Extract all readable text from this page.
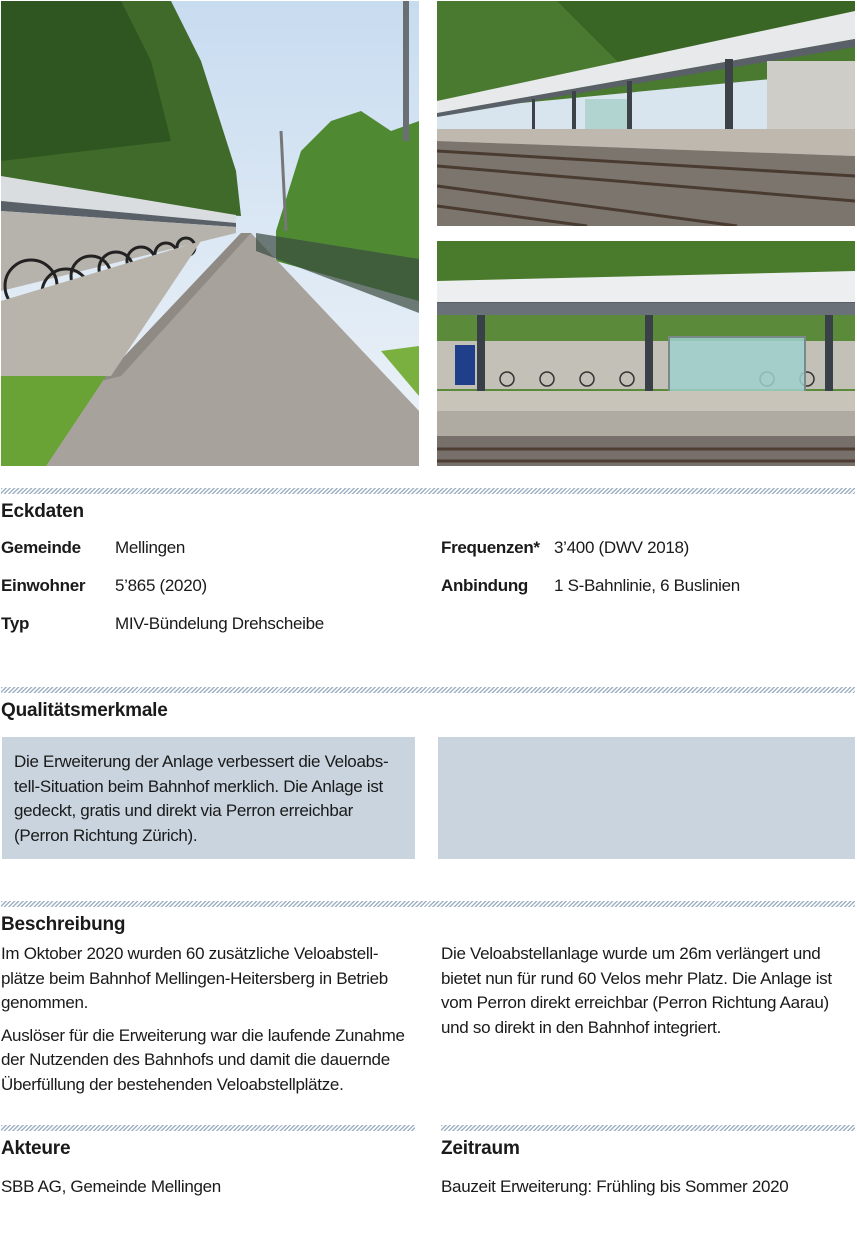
Eckdaten
Gemeinde Mellingen
Einwohner 5’865 (2020)
Typ	MIV-Bündelung Drehscheibe
Frequenzen* 3’400 (DWV 2018)
Anbindung 1 S-Bahnlinie, 6 Buslinien
Qualitätsmerkmale
Die Erweiterung der Anlage verbessert die Veloabstell-Situation beim Bahnhof merklich. Die Anlage ist gedeckt, gratis und direkt via Perron erreichbar (Perron Richtung Zürich).
Beschreibung

Im Oktober 2020 wurden 60 zusätzliche Veloabstellplätze beim Bahnhof Mellingen-Heitersberg in Betrieb genommen.

Auslöser für die Erweiterung war die laufende Zunahme der Nutzenden des Bahnhofs und damit die dauernde Überfüllung der bestehenden Veloabstellplätze.

Die Veloabstellanlage wurde um 26m verlängert und bietet nun für rund 60 Velos mehr Platz. Die Anlage ist vom Perron direkt erreichbar (Perron Richtung Aarau) und so direkt in den Bahnhof integriert.

Akteure
SBB AG, Gemeinde Mellingen
Zeitraum
Bauzeit Erweiterung: Frühling bis Sommer 2020
